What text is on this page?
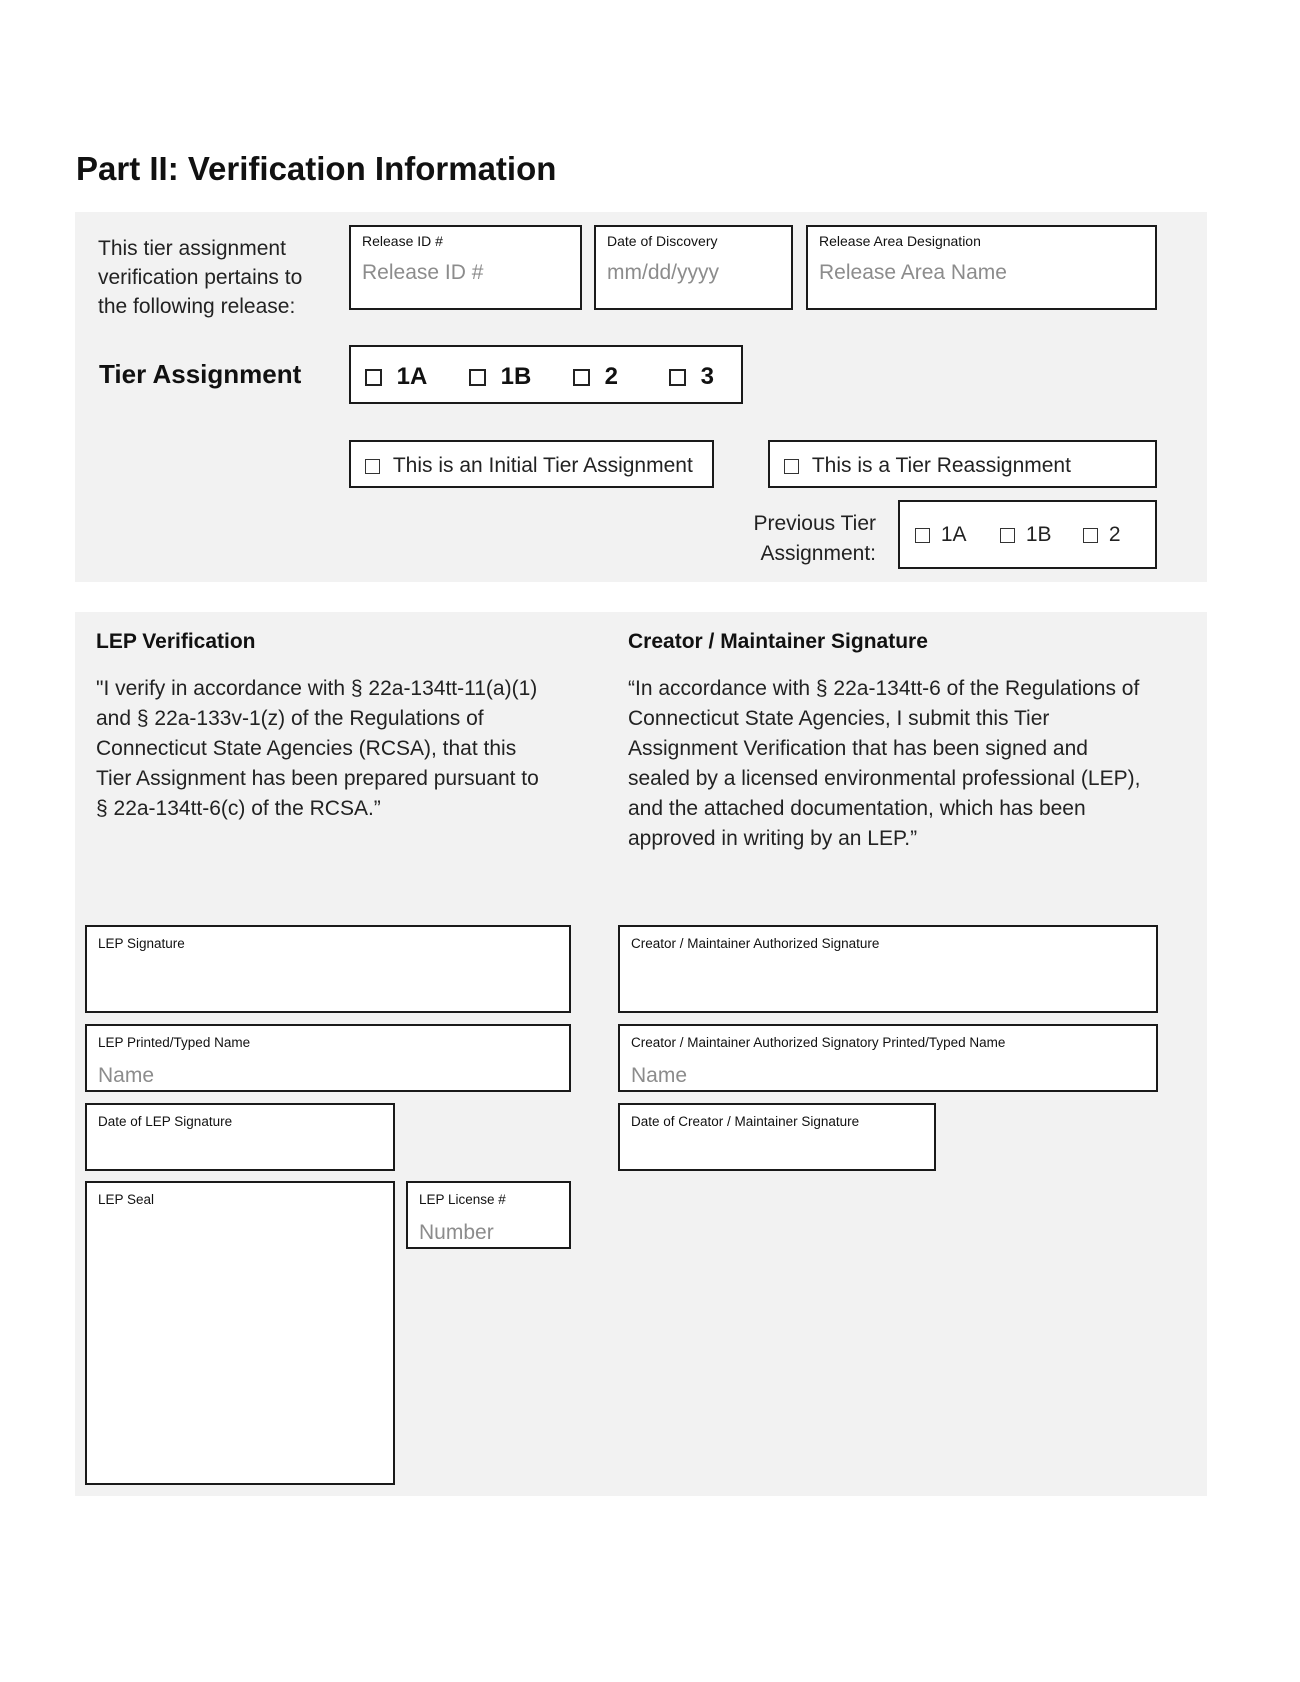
Part II: Verification Information
This tier assignment
verification pertains to
the following release:
Release ID #
Release ID #
Date of Discovery
mm/dd/yyyy
Release Area Designation
Release Area Name
Tier Assignment	1A	1B	2	3
This is an Initial Tier Assignment	This is a Tier Reassignment
Previous Tier
Assignment:
1A	1B	2
LEP Verification
"I verify in accordance with § 22a-134tt-11(a)(1)
and § 22a-133v-1(z) of the Regulations of
Connecticut State Agencies (RCSA), that this
Tier Assignment has been prepared pursuant to
§ 22a-134tt-6(c) of the RCSA.”
LEP Signature
LEP Printed/Typed Name
Name
Date of LEP Signature
LEP Seal	LEP License #
Number
Creator / Maintainer Signature
“In accordance with § 22a-134tt-6 of the Regulations of
Connecticut State Agencies, I submit this Tier
Assignment Verification that has been signed and
sealed by a licensed environmental professional (LEP),
and the attached documentation, which has been
approved in writing by an LEP.”
Creator / Maintainer Authorized Signature
Creator / Maintainer Authorized Signatory Printed/Typed Name
Name
Date of Creator / Maintainer Signature
